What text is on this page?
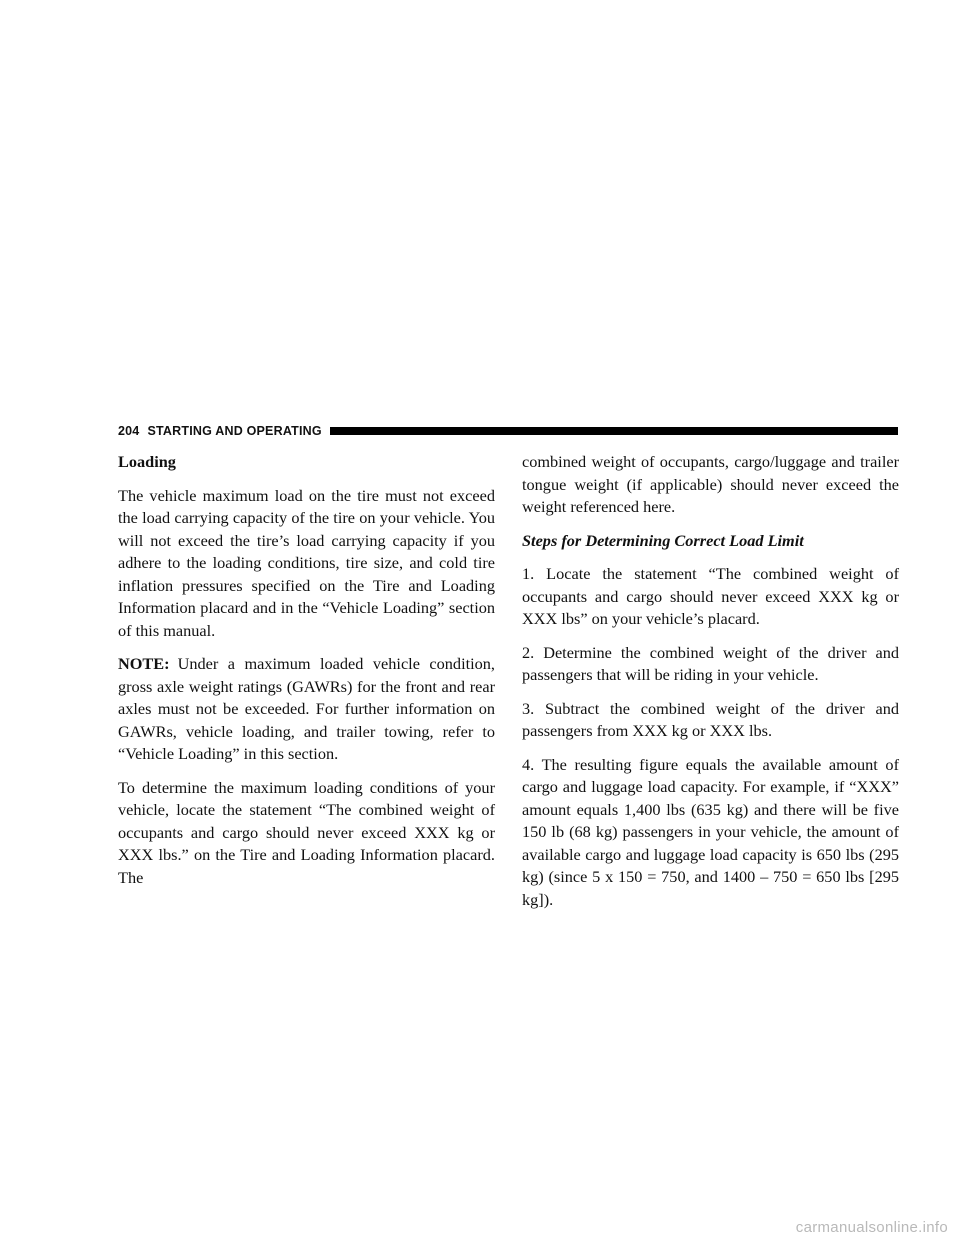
204 STARTING AND OPERATING

Loading

The vehicle maximum load on the tire must not exceed the load carrying capacity of the tire on your vehicle. You will not exceed the tire’s load carrying capacity if you adhere to the loading conditions, tire size, and cold tire inflation pressures specified on the Tire and Loading Information placard and in the “Vehicle Loading” section of this manual.

NOTE: Under a maximum loaded vehicle condition, gross axle weight ratings (GAWRs) for the front and rear axles must not be exceeded. For further information on GAWRs, vehicle loading, and trailer towing, refer to “Vehicle Loading” in this section.

To determine the maximum loading conditions of your vehicle, locate the statement “The combined weight of occupants and cargo should never exceed XXX kg or XXX lbs.” on the Tire and Loading Information placard. The

combined weight of occupants, cargo/luggage and trailer tongue weight (if applicable) should never exceed the weight referenced here.

Steps for Determining Correct Load Limit

1. Locate the statement “The combined weight of occupants and cargo should never exceed XXX kg or XXX lbs” on your vehicle’s placard.

2. Determine the combined weight of the driver and passengers that will be riding in your vehicle.

3. Subtract the combined weight of the driver and passengers from XXX kg or XXX lbs.

4. The resulting figure equals the available amount of cargo and luggage load capacity. For example, if “XXX” amount equals 1,400 lbs (635 kg) and there will be five 150 lb (68 kg) passengers in your vehicle, the amount of available cargo and luggage load capacity is 650 lbs (295 kg) (since 5 x 150 = 750, and 1400 – 750 = 650 lbs [295 kg]).

carmanualsonline.info
